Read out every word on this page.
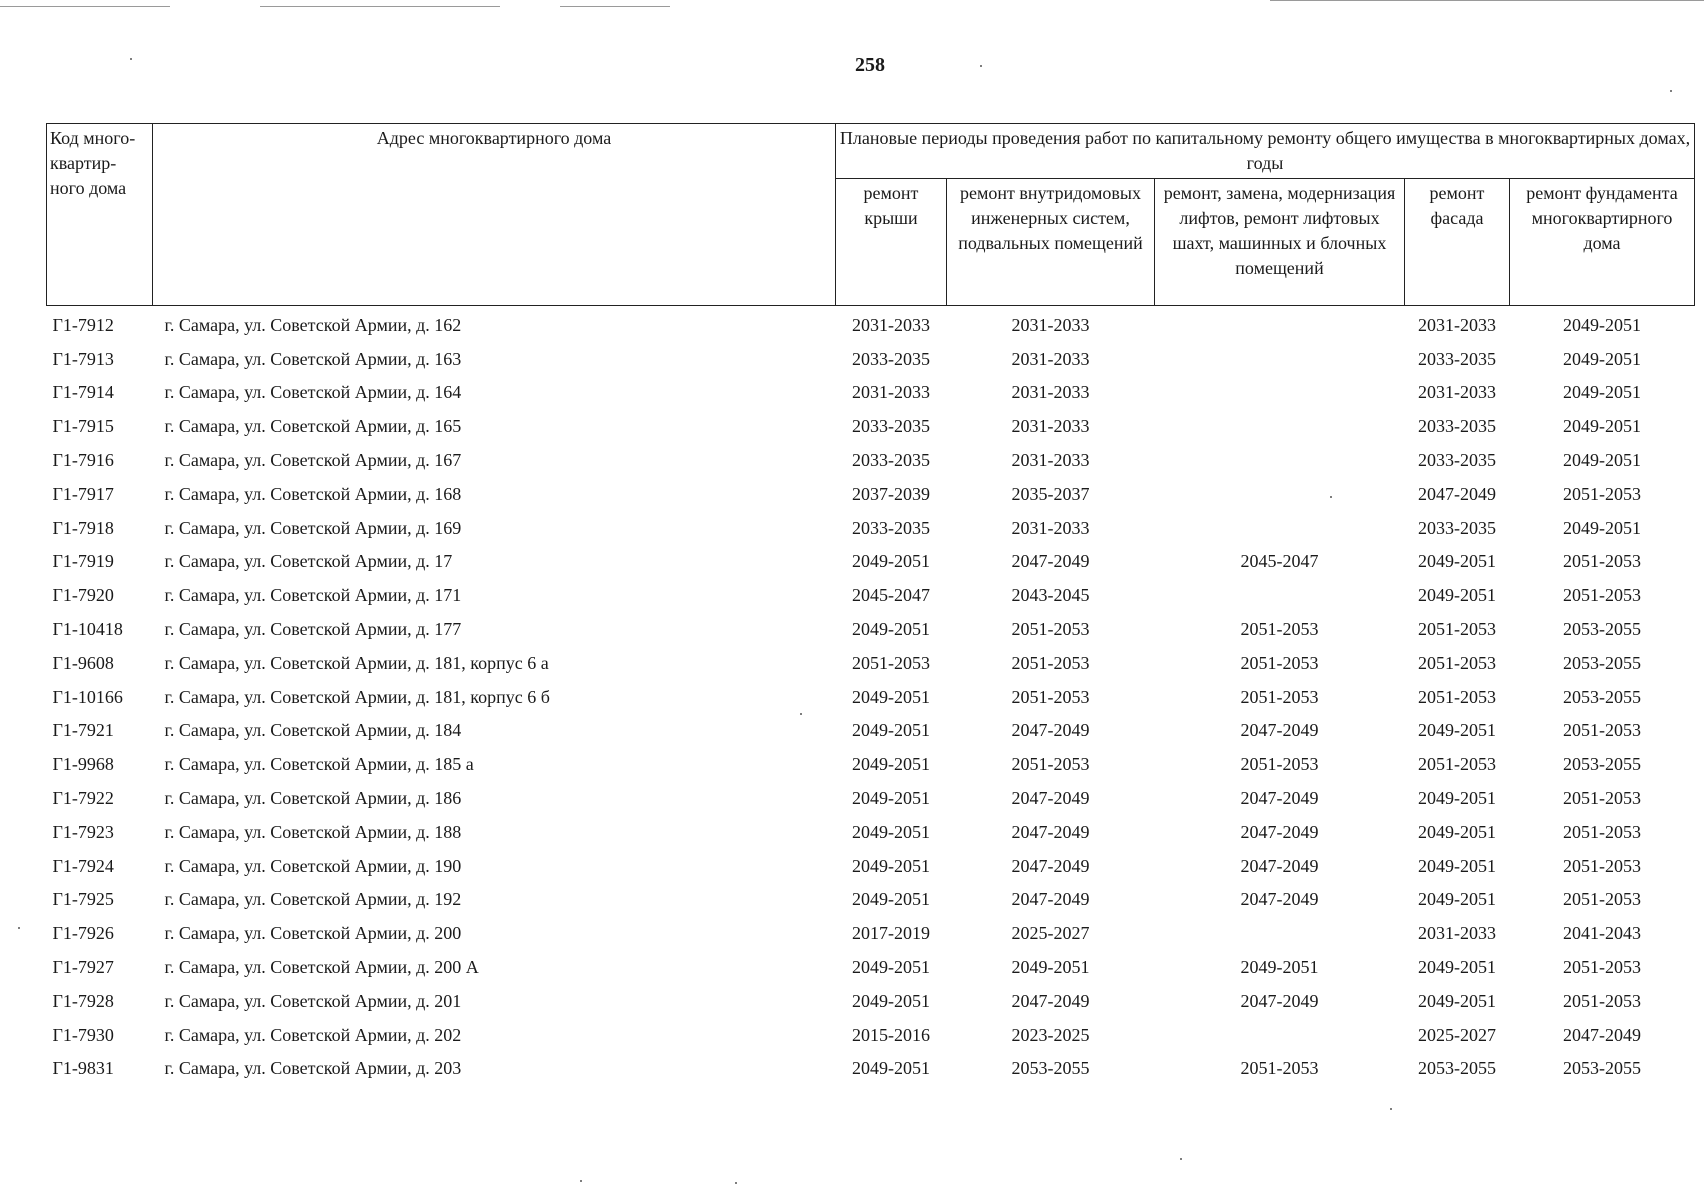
258
Код много-квартир-ного дома	Адрес многоквартирного дома	Плановые периоды проведения работ по капитальному ремонту общего имущества в многоквартирных домах, годы				
		ремонт крыши	ремонт внутридомовых инженерных систем, подвальных помещений	ремонт, замена, модернизация лифтов, ремонт лифтовых шахт, машинных и блочных помещений	ремонт фасада	ремонт фундамента многоквартирного дома
Г1-7912	г. Самара, ул. Советской Армии, д. 162	2031-2033	2031-2033		2031-2033	2049-2051
Г1-7913	г. Самара, ул. Советской Армии, д. 163	2033-2035	2031-2033		2033-2035	2049-2051
Г1-7914	г. Самара, ул. Советской Армии, д. 164	2031-2033	2031-2033		2031-2033	2049-2051
Г1-7915	г. Самара, ул. Советской Армии, д. 165	2033-2035	2031-2033		2033-2035	2049-2051
Г1-7916	г. Самара, ул. Советской Армии, д. 167	2033-2035	2031-2033		2033-2035	2049-2051
Г1-7917	г. Самара, ул. Советской Армии, д. 168	2037-2039	2035-2037		2047-2049	2051-2053
Г1-7918	г. Самара, ул. Советской Армии, д. 169	2033-2035	2031-2033		2033-2035	2049-2051
Г1-7919	г. Самара, ул. Советской Армии, д. 17	2049-2051	2047-2049	2045-2047	2049-2051	2051-2053
Г1-7920	г. Самара, ул. Советской Армии, д. 171	2045-2047	2043-2045		2049-2051	2051-2053
Г1-10418	г. Самара, ул. Советской Армии, д. 177	2049-2051	2051-2053	2051-2053	2051-2053	2053-2055
Г1-9608	г. Самара, ул. Советской Армии, д. 181, корпус 6 а	2051-2053	2051-2053	2051-2053	2051-2053	2053-2055
Г1-10166	г. Самара, ул. Советской Армии, д. 181, корпус 6 б	2049-2051	2051-2053	2051-2053	2051-2053	2053-2055
Г1-7921	г. Самара, ул. Советской Армии, д. 184	2049-2051	2047-2049	2047-2049	2049-2051	2051-2053
Г1-9968	г. Самара, ул. Советской Армии, д. 185 а	2049-2051	2051-2053	2051-2053	2051-2053	2053-2055
Г1-7922	г. Самара, ул. Советской Армии, д. 186	2049-2051	2047-2049	2047-2049	2049-2051	2051-2053
Г1-7923	г. Самара, ул. Советской Армии, д. 188	2049-2051	2047-2049	2047-2049	2049-2051	2051-2053
Г1-7924	г. Самара, ул. Советской Армии, д. 190	2049-2051	2047-2049	2047-2049	2049-2051	2051-2053
Г1-7925	г. Самара, ул. Советской Армии, д. 192	2049-2051	2047-2049	2047-2049	2049-2051	2051-2053
Г1-7926	г. Самара, ул. Советской Армии, д. 200	2017-2019	2025-2027		2031-2033	2041-2043
Г1-7927	г. Самара, ул. Советской Армии, д. 200 А	2049-2051	2049-2051	2049-2051	2049-2051	2051-2053
Г1-7928	г. Самара, ул. Советской Армии, д. 201	2049-2051	2047-2049	2047-2049	2049-2051	2051-2053
Г1-7930	г. Самара, ул. Советской Армии, д. 202	2015-2016	2023-2025		2025-2027	2047-2049
Г1-9831	г. Самара, ул. Советской Армии, д. 203	2049-2051	2053-2055	2051-2053	2053-2055	2053-2055
